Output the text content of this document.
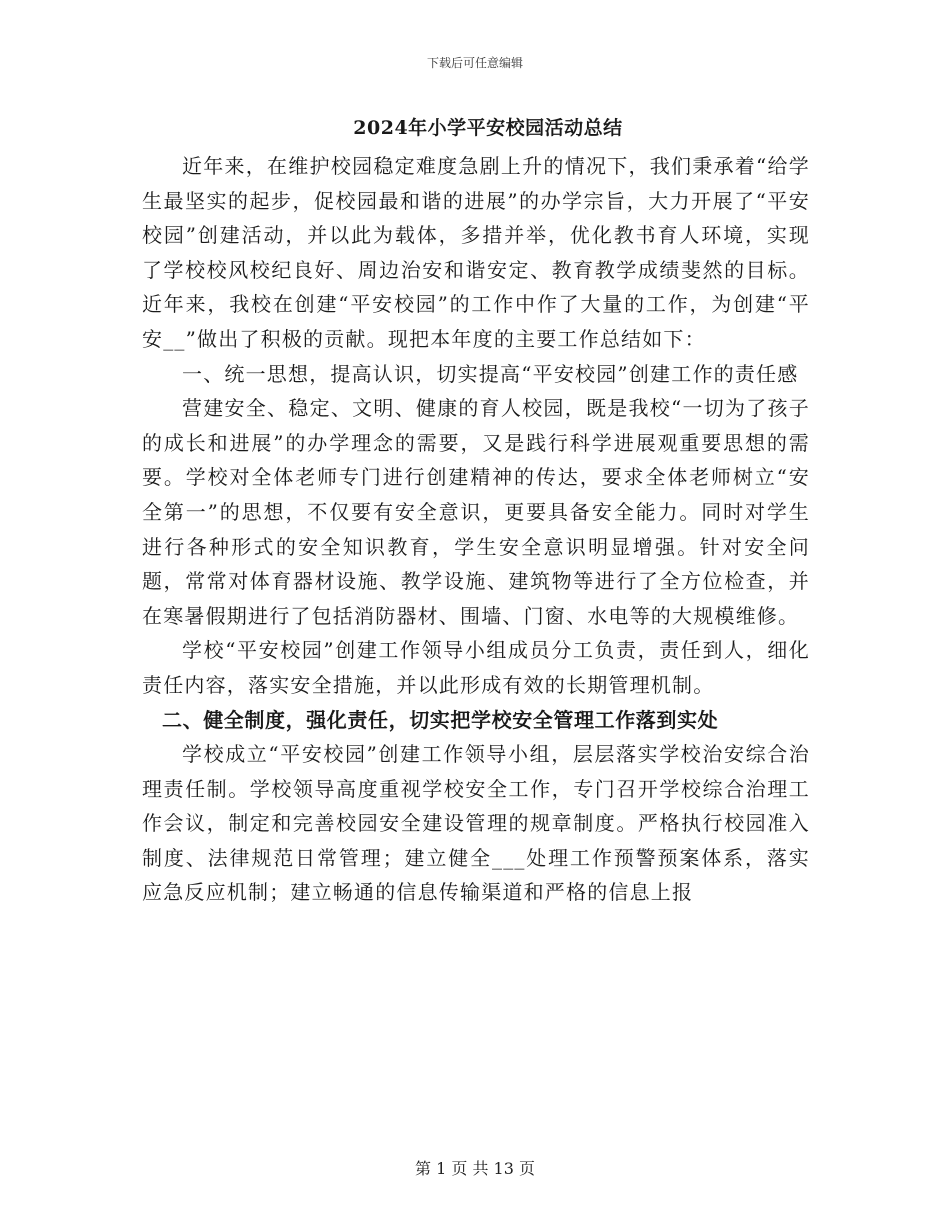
下载后可任意编辑
2024年小学平安校园活动总结

近年来，在维护校园稳定难度急剧上升的情况下，我们秉承着“给学生最坚实的起步，促校园最和谐的进展”的办学宗旨，大力开展了“平安校园”创建活动，并以此为载体，多措并举，优化教书育人环境，实现了学校校风校纪良好、周边治安和谐安定、教育教学成绩斐然的目标。近年来，我校在创建“平安校园”的工作中作了大量的工作，为创建“平安__”做出了积极的贡献。现把本年度的主要工作总结如下：

一、统一思想，提高认识，切实提高“平安校园”创建工作的责任感

营建安全、稳定、文明、健康的育人校园，既是我校“一切为了孩子的成长和进展”的办学理念的需要，又是践行科学进展观重要思想的需要。学校对全体老师专门进行创建精神的传达，要求全体老师树立“安全第一”的思想，不仅要有安全意识，更要具备安全能力。同时对学生进行各种形式的安全知识教育，学生安全意识明显增强。针对安全问题，常常对体育器材设施、教学设施、建筑物等进行了全方位检查，并在寒暑假期进行了包括消防器材、围墙、门窗、水电等的大规模维修。

学校“平安校园”创建工作领导小组成员分工负责，责任到人，细化责任内容，落实安全措施，并以此形成有效的长期管理机制。

二、健全制度，强化责任，切实把学校安全管理工作落到实处

学校成立“平安校园”创建工作领导小组，层层落实学校治安综合治理责任制。学校领导高度重视学校安全工作，专门召开学校综合治理工作会议，制定和完善校园安全建设管理的规章制度。严格执行校园准入制度、法律规范日常管理；建立健全___处理工作预警预案体系，落实应急反应机制；建立畅通的信息传输渠道和严格的信息上报

第 1 页 共 13 页
